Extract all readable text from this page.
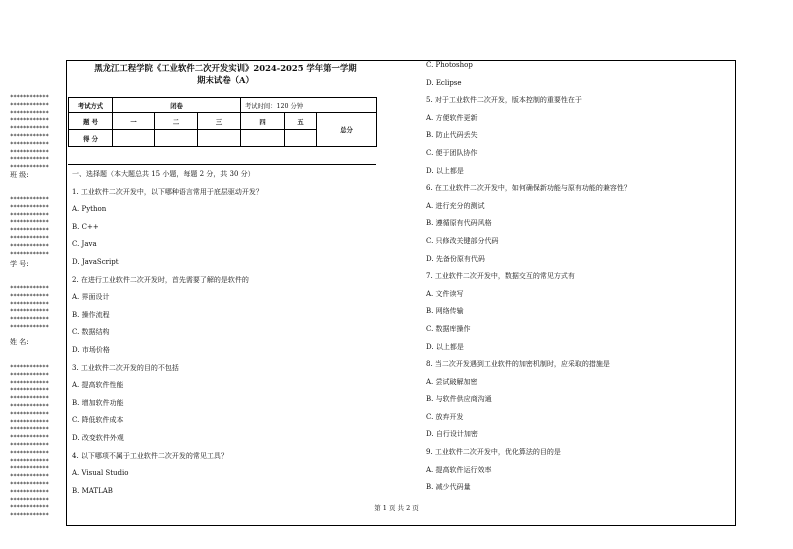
************
************
************
************
************
************
************
************
************
************
班 级:
************
************
************
************
************
************
************
************
学 号:
************
************
************
************
************
************
姓 名:
************
************
************
************
************
************
************
************
************
************
************
************
************
************
************
************
************
************
************
************
黑龙江工程学院《工业软件二次开发实训》2024-2025 学年第一学期
期末试卷（A）
考试方式	闭卷			考试时间：120 分钟		
题 号	一	二	三	四	五	总分
得 分						
一、选择题（本大题总共 15 小题，每题 2 分，共 30 分）
1. 工业软件二次开发中，以下哪种语言常用于底层驱动开发？
A. Python
B. C++
C. Java
D. JavaScript
2. 在进行工业软件二次开发时，首先需要了解的是软件的
A. 界面设计
B. 操作流程
C. 数据结构
D. 市场价格
3. 工业软件二次开发的目的不包括
A. 提高软件性能
B. 增加软件功能
C. 降低软件成本
D. 改变软件外观
4. 以下哪项不属于工业软件二次开发的常见工具？
A. Visual Studio
B. MATLAB
C. Photoshop
D. Eclipse
5. 对于工业软件二次开发，版本控制的重要性在于
A. 方便软件更新
B. 防止代码丢失
C. 便于团队协作
D. 以上都是
6. 在工业软件二次开发中，如何确保新功能与原有功能的兼容性？
A. 进行充分的测试
B. 遵循原有代码风格
C. 只修改关键部分代码
D. 先备份原有代码
7. 工业软件二次开发中，数据交互的常见方式有
A. 文件读写
B. 网络传输
C. 数据库操作
D. 以上都是
8. 当二次开发遇到工业软件的加密机制时，应采取的措施是
A. 尝试破解加密
B. 与软件供应商沟通
C. 放弃开发
D. 自行设计加密
9. 工业软件二次开发中，优化算法的目的是
A. 提高软件运行效率
B. 减少代码量
第 1 页 共 2 页
